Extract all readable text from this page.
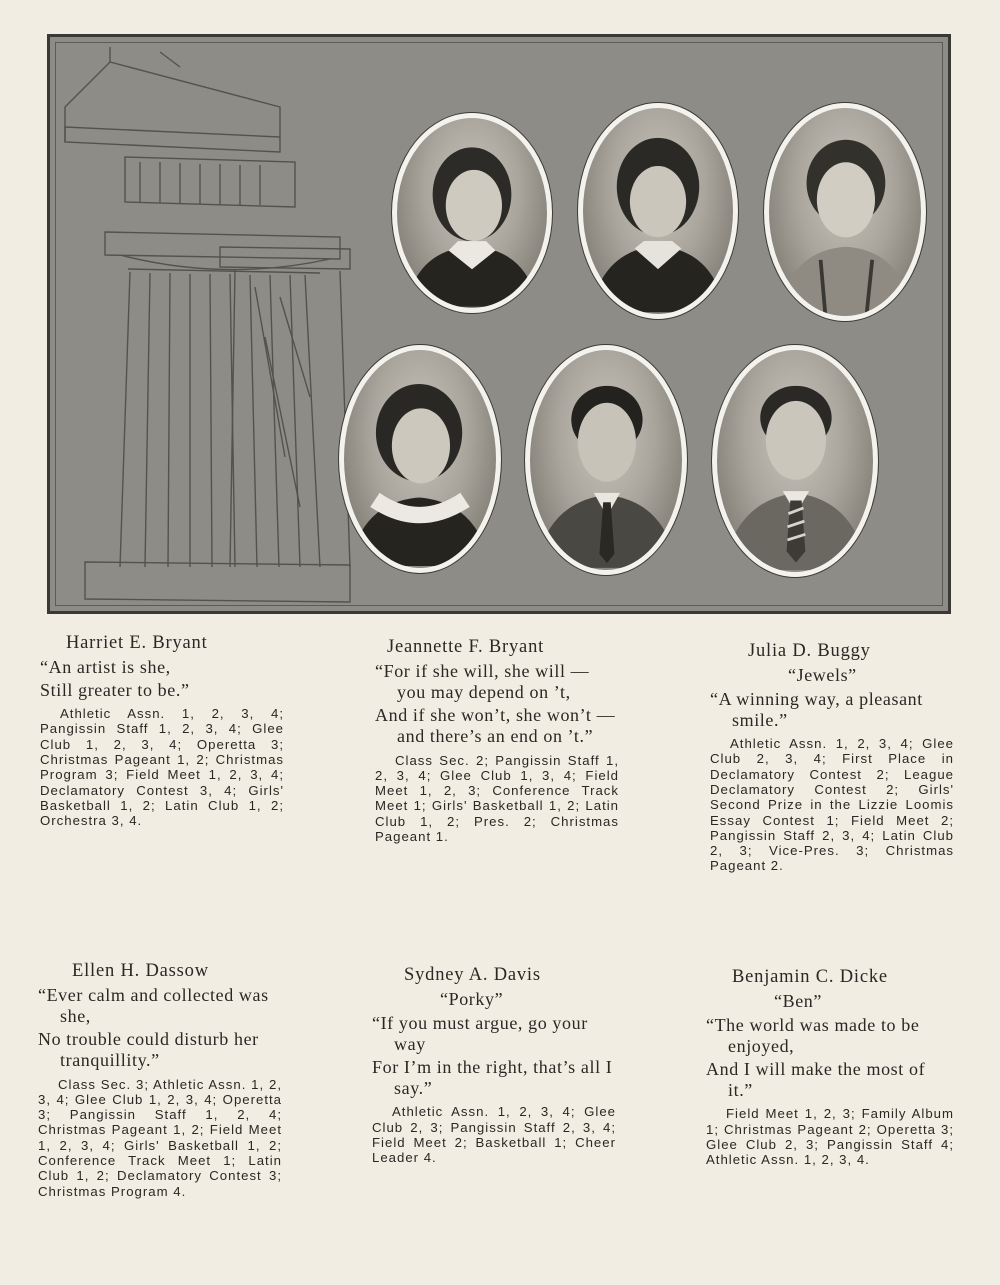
Harriet E. Bryant

“An artist is she,

Still greater to be.”

Athletic Assn. 1, 2, 3, 4; Pangissin Staff 1, 2, 3, 4; Glee Club 1, 2, 3, 4; Operetta 3; Christmas Pageant 1, 2; Christmas Program 3; Field Meet 1, 2, 3, 4; Declamatory Contest 3, 4; Girls' Basketball 1, 2; Latin Club 1, 2; Orchestra 3, 4.
Jeannette F. Bryant

“For if she will, she will — you may depend on ’t,

And if she won’t, she won’t — and there’s an end on ’t.”

Class Sec. 2; Pangissin Staff 1, 2, 3, 4; Glee Club 1, 3, 4; Field Meet 1, 2, 3; Conference Track Meet 1; Girls' Basketball 1, 2; Latin Club 1, 2; Pres. 2; Christmas Pageant 1.
Julia D. Buggy
“Jewels”

“A winning way, a pleasant smile.”

Athletic Assn. 1, 2, 3, 4; Glee Club 2, 3, 4; First Place in Declamatory Contest 2; League Declamatory Contest 2; Girls' Second Prize in the Lizzie Loomis Essay Contest 1; Field Meet 2; Pangissin Staff 2, 3, 4; Latin Club 2, 3; Vice-Pres. 3; Christmas Pageant 2.
Ellen H. Dassow

“Ever calm and collected was she,

No trouble could disturb her tranquillity.”

Class Sec. 3; Athletic Assn. 1, 2, 3, 4; Glee Club 1, 2, 3, 4; Operetta 3; Pangissin Staff 1, 2, 4; Christmas Pageant 1, 2; Field Meet 1, 2, 3, 4; Girls' Basketball 1, 2; Conference Track Meet 1; Latin Club 1, 2; Declamatory Contest 3; Christmas Program 4.
Sydney A. Davis
“Porky”

“If you must argue, go your way

For I’m in the right, that’s all I say.”

Athletic Assn. 1, 2, 3, 4; Glee Club 2, 3; Pangissin Staff 2, 3, 4; Field Meet 2; Basketball 1; Cheer Leader 4.
Benjamin C. Dicke
“Ben”

“The world was made to be enjoyed,

And I will make the most of it.”

Field Meet 1, 2, 3; Family Album 1; Christmas Pageant 2; Operetta 3; Glee Club 2, 3; Pangissin Staff 4; Athletic Assn. 1, 2, 3, 4.
